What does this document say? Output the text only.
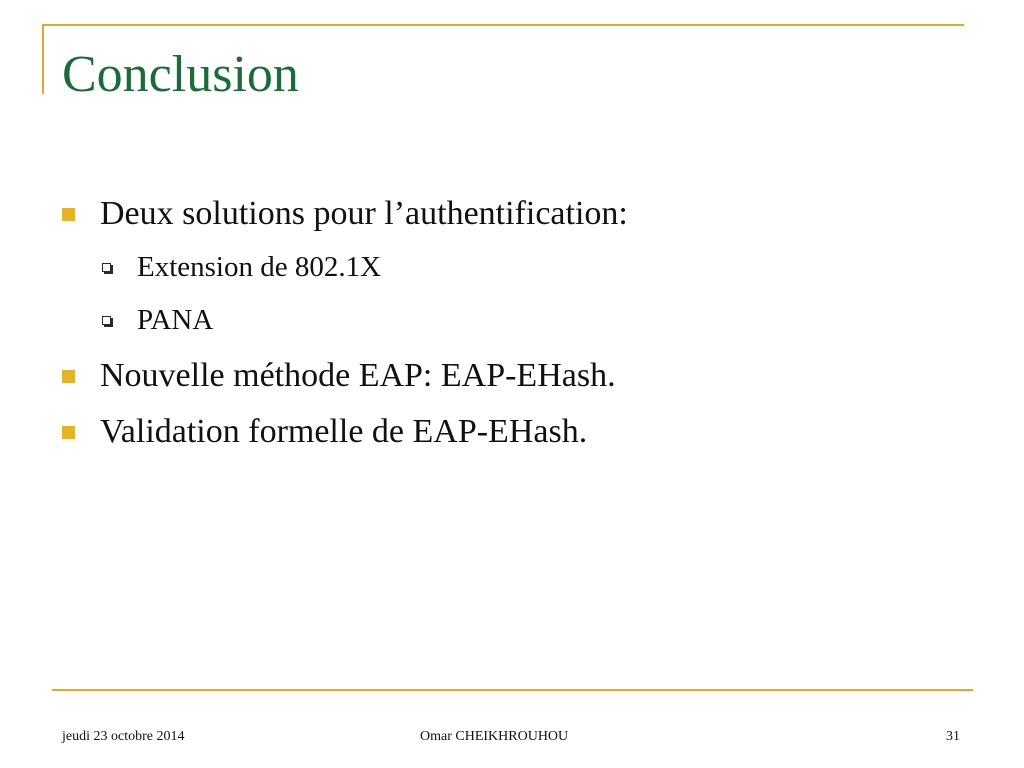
Conclusion
Deux solutions pour l’authentification:
Extension de 802.1X
PANA
Nouvelle méthode EAP: EAP-EHash.
Validation formelle de EAP-EHash.
jeudi 23 octobre 2014	Omar CHEIKHROUHOU	31
